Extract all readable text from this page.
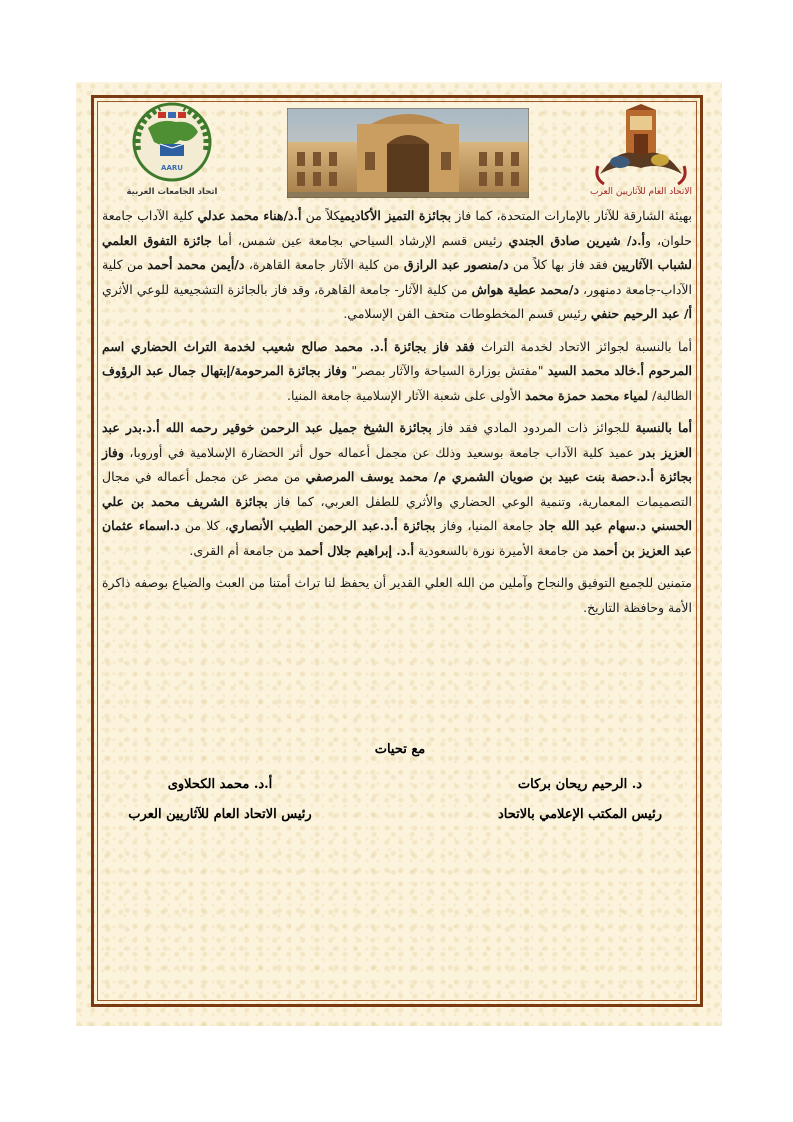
الاتحاد العام للآثاريين العرب
AARU
اتحاد الجامعات العربية

بهيئة الشارقة للآثار بالإمارات المتحدة، كما فاز بجائزة التميز الأكاديميكلاً من أ.د/هناء محمد عدلي كلية الآداب جامعة حلوان، وأ.د/ شيرين صادق الجندي رئيس قسم الإرشاد السياحي بجامعة عين شمس، أما جائزة التفوق العلمي لشباب الآثاريين فقد فاز بها كلاً من د/منصور عبد الرازق من كلية الآثار جامعة القاهرة، د/أيمن محمد أحمد من كلية الآداب-جامعة دمنهور، د/محمد عطية هواش من كلية الآثار- جامعة القاهرة، وقد فاز بالجائزة التشجيعية للوعي الأثري أ/ عبد الرحيم حنفي رئيس قسم المخطوطات متحف الفن الإسلامي.

أما بالنسبة لجوائز الاتحاد لخدمة التراث فقد فاز بجائزة أ.د. محمد صالح شعيب لخدمة التراث الحضاري اسم المرحوم أ.خالد محمد السيد "مفتش بوزارة السياحة والآثار بمصر" وفاز بجائزة المرحومة/إبتهال جمال عبد الرؤوف الطالبة/ لمياء محمد حمزة محمد الأولى على شعبة الآثار الإسلامية جامعة المنيا.

أما بالنسبة للجوائز ذات المردود المادي فقد فاز بجائزة الشيخ جميل عبد الرحمن خوقير رحمه الله أ.د.بدر عبد العزيز بدر عميد كلية الآداب جامعة بوسعيد وذلك عن مجمل أعماله حول أثر الحضارة الإسلامية في أوروبا، وفاز بجائزة أ.د.حصة بنت عبيد بن صويان الشمري م/ محمد يوسف المرصفي من مصر عن مجمل أعماله في مجال التصميمات المعمارية، وتنمية الوعي الحضاري والأثري للطفل العربي، كما فاز بجائزة الشريف محمد بن علي الحسني د.سهام عبد الله جاد جامعة المنيا، وفاز بجائزة أ.د.عبد الرحمن الطيب الأنصاري، كلا من د.اسماء عثمان عبد العزيز بن أحمد من جامعة الأميرة نورة بالسعودية أ.د. إبراهيم جلال أحمد من جامعة أم القرى.

متمنين للجميع التوفيق والنجاح وآملين من الله العلي القدير أن يحفظ لنا تراث أمتنا من العبث والضياع بوصفه ذاكرة الأمة وحافظة التاريخ.

مع تحيات
د. الرحيم ريحان بركات
رئيس المكتب الإعلامي بالاتحاد
أ.د. محمد الكحلاوى
رئيس الاتحاد العام للآثاريين العرب
